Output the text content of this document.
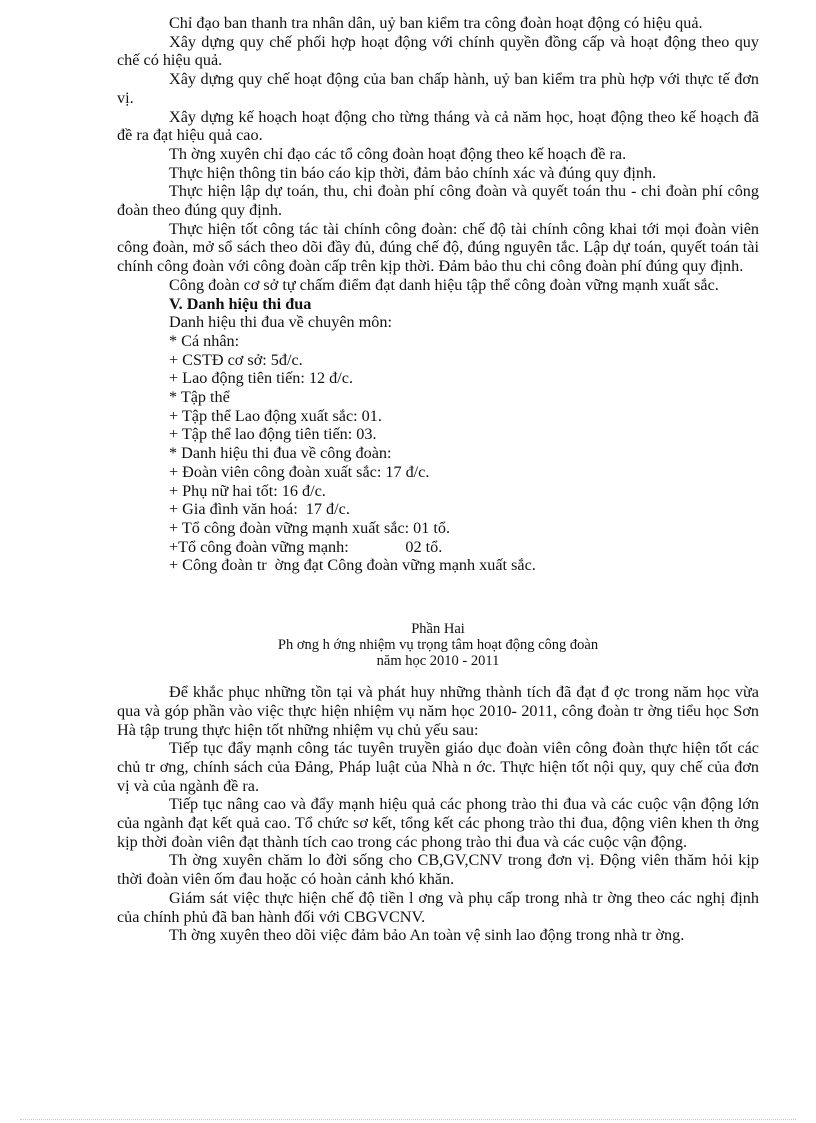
Chỉ đạo ban thanh tra nhân dân, uỷ ban kiểm tra công đoàn hoạt động có hiệu quả.

Xây dựng quy chế phối hợp hoạt động với chính quyền đồng cấp và hoạt động theo quy chế có hiệu quả.

Xây dựng quy chế hoạt động của ban chấp hành, uỷ ban kiểm tra phù hợp với thực tế đơn vị.

Xây dựng kế hoạch hoạt động cho từng tháng và cả năm học, hoạt động theo kế hoạch đã đề ra đạt hiệu quả cao.

Th ờng xuyên chỉ đạo các tổ công đoàn hoạt động theo kế hoạch đề ra.

Thực hiện thông tin báo cáo kịp thời, đảm bảo chính xác và đúng quy định.

Thực hiện lập dự toán, thu, chi đoàn phí công đoàn và quyết toán thu - chi đoàn phí công đoàn theo đúng quy định.

Thực hiện tốt công tác tài chính công đoàn: chế độ tài chính công khai tới mọi đoàn viên công đoàn, mở sổ sách theo dõi đầy đủ, đúng chế độ, đúng nguyên tắc. Lập dự toán, quyết toán tài chính công đoàn với công đoàn cấp trên kịp thời. Đảm bảo thu chi công đoàn phí đúng quy định.

Công đoàn cơ sở tự chấm điểm đạt danh hiệu tập thể công đoàn vững mạnh xuất sắc.

V. Danh hiệu thi đua

Danh hiệu thi đua về chuyên môn:

* Cá nhân:

+ CSTĐ cơ sở: 5đ/c.

+ Lao động tiên tiến: 12 đ/c.

* Tập thể

+ Tập thể Lao động xuất sắc: 01.

+ Tập thể lao động tiên tiến: 03.

* Danh hiệu thi đua về công đoàn:

+ Đoàn viên công đoàn xuất sắc: 17 đ/c.

+ Phụ nữ hai tốt: 16 đ/c.

+ Gia đình văn hoá:  17 đ/c.

+ Tổ công đoàn vững mạnh xuất sắc: 01 tổ.

+Tổ công đoàn vững mạnh:              02 tổ.

+ Công đoàn tr  ờng đạt Công đoàn vững mạnh xuất sắc.

Phần Hai

Ph ơng h ớng nhiệm vụ trọng tâm hoạt động công đoàn

năm học 2010 - 2011

Để khắc phục những tồn tại và phát huy những thành tích đã đạt đ ợc trong năm học vừa qua và góp phần vào việc thực hiện nhiệm vụ năm học 2010- 2011, công đoàn tr ờng tiểu học Sơn Hà tập trung thực hiện tốt những nhiệm vụ chủ yếu sau:

Tiếp tục đẩy mạnh công tác tuyên truyền giáo dục đoàn viên công đoàn thực hiện tốt các chủ tr ơng, chính sách của Đảng, Pháp luật của Nhà n ớc. Thực hiện tốt nội quy, quy chế của đơn vị và của ngành đề ra.

Tiếp tục nâng cao và đẩy mạnh hiệu quả các phong trào thi đua và các cuộc vận động lớn của ngành đạt kết quả cao. Tổ chức sơ kết, tổng kết các phong trào thi đua, động viên khen th ởng kịp thời đoàn viên đạt thành tích cao trong các phong trào thi đua và các cuộc vận động.

Th ờng xuyên chăm lo đời sống cho CB,GV,CNV trong đơn vị. Động viên thăm hỏi kịp thời đoàn viên ốm đau hoặc có hoàn cảnh khó khăn.

Giám sát việc thực hiện chế độ tiền l ơng và phụ cấp trong nhà tr ờng theo các nghị định của chính phủ đã ban hành đối với CBGVCNV.

Th ờng xuyên theo dõi việc đảm bảo An toàn vệ sinh lao động trong nhà tr ờng.
